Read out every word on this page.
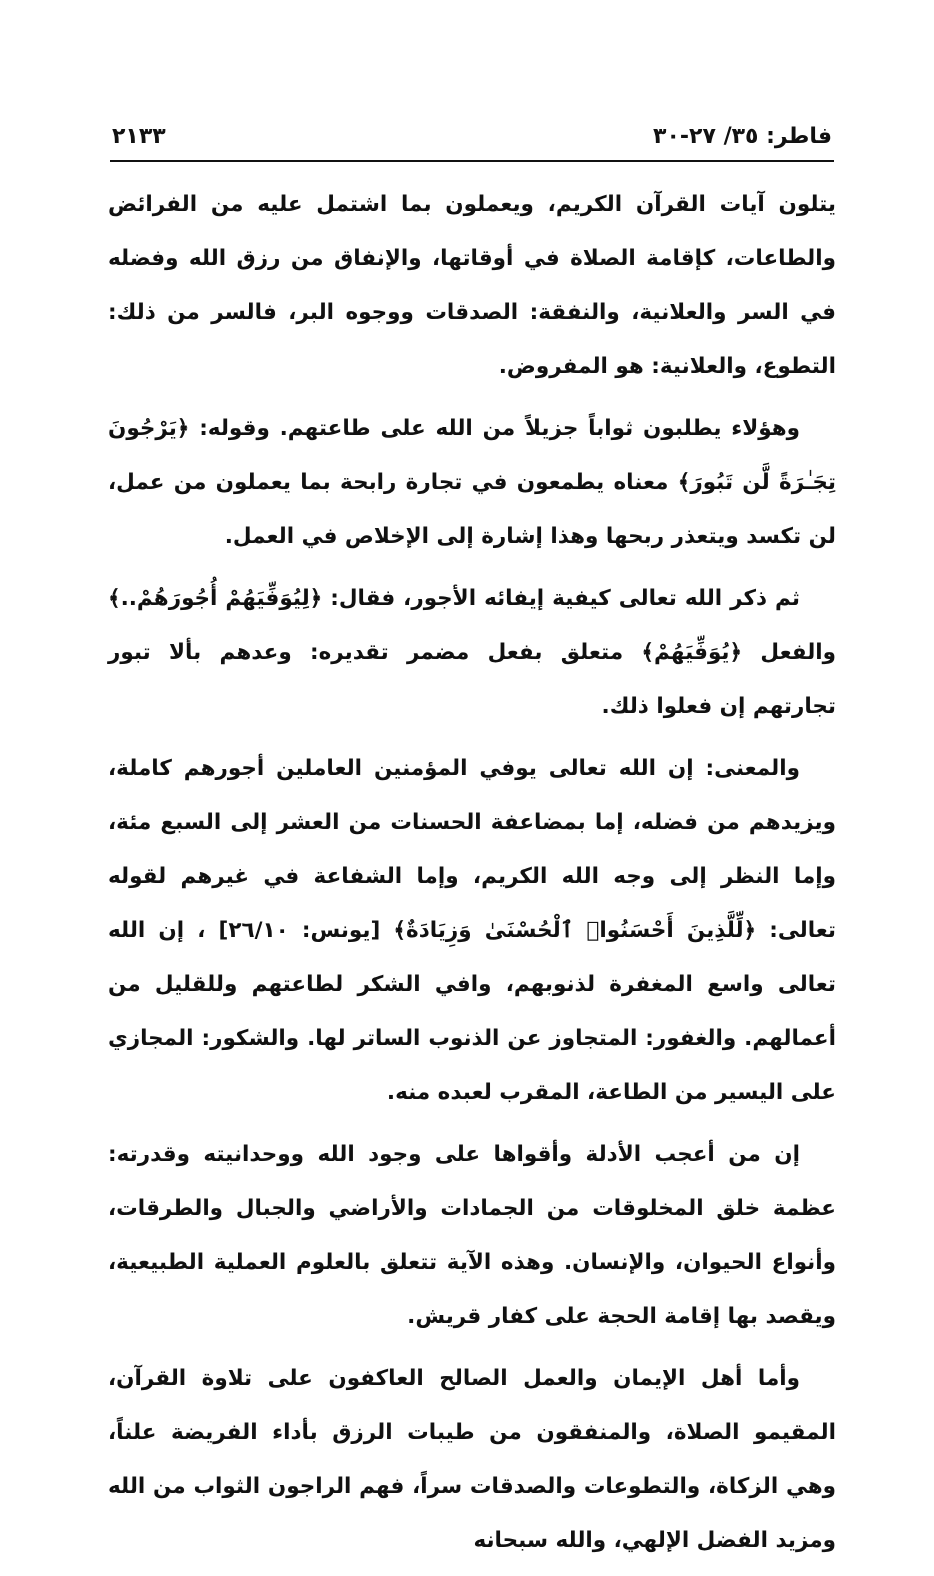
فاطر: ٣٥/ ٢٧-٣٠
٢١٣٣

يتلون آيات القرآن الكريم، ويعملون بما اشتمل عليه من الفرائض والطاعات، كإقامة الصلاة في أوقاتها، والإنفاق من رزق الله وفضله في السر والعلانية، والنفقة: الصدقات ووجوه البر، فالسر من ذلك: التطوع، والعلانية: هو المفروض.

وهؤلاء يطلبون ثواباً جزيلاً من الله على طاعتهم. وقوله: ﴿يَرْجُونَ تِجَـٰرَةً لَّن تَبُورَ﴾ معناه يطمعون في تجارة رابحة بما يعملون من عمل، لن تكسد ويتعذر ربحها وهذا إشارة إلى الإخلاص في العمل.

ثم ذكر الله تعالى كيفية إيفائه الأجور، فقال: ﴿لِيُوَفِّيَهُمْ أُجُورَهُمْ..﴾ والفعل ﴿يُوَفِّيَهُمْ﴾ متعلق بفعل مضمر تقديره: وعدهم بألا تبور تجارتهم إن فعلوا ذلك.

والمعنى: إن الله تعالى يوفي المؤمنين العاملين أجورهم كاملة، ويزيدهم من فضله، إما بمضاعفة الحسنات من العشر إلى السبع مئة، وإما النظر إلى وجه الله الكريم، وإما الشفاعة في غيرهم لقوله تعالى: ﴿لِّلَّذِينَ أَحْسَنُوا۟ ٱلْحُسْنَىٰ وَزِيَادَةٌ﴾ [يونس: ٢٦/١٠] ، إن الله تعالى واسع المغفرة لذنوبهم، وافي الشكر لطاعتهم وللقليل من أعمالهم. والغفور: المتجاوز عن الذنوب الساتر لها. والشكور: المجازي على اليسير من الطاعة، المقرب لعبده منه.

إن من أعجب الأدلة وأقواها على وجود الله ووحدانيته وقدرته: عظمة خلق المخلوقات من الجمادات والأراضي والجبال والطرقات، وأنواع الحيوان، والإنسان. وهذه الآية تتعلق بالعلوم العملية الطبيعية، ويقصد بها إقامة الحجة على كفار قريش.

وأما أهل الإيمان والعمل الصالح العاكفون على تلاوة القرآن، المقيمو الصلاة، والمنفقون من طيبات الرزق بأداء الفريضة علناً، وهي الزكاة، والتطوعات والصدقات سراً، فهم الراجون الثواب من الله ومزيد الفضل الإلهي، والله سبحانه
